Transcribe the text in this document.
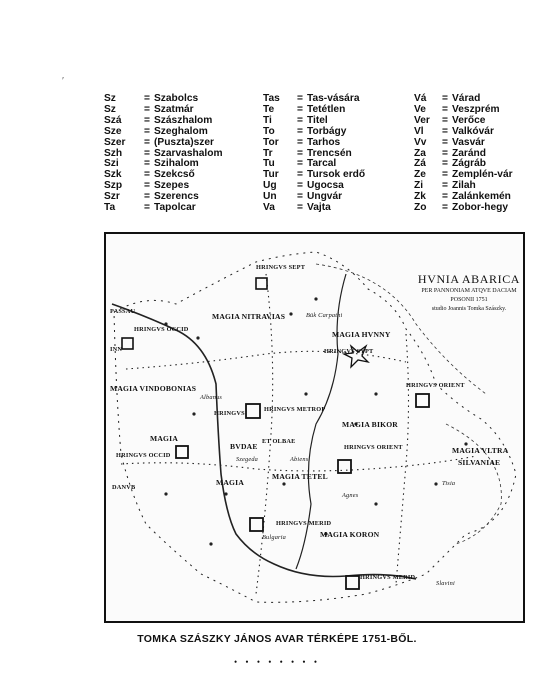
Sz	= Szabolcs
Sz	= Szatmár
Szá	= Szászhalom
Sze	= Szeghalom
Szer	= (Puszta)szer
Szh	= Szarvashalom
Szi	= Szihalom
Szk	= Szekcső
Szp	= Szepes
Szr	= Szerencs
Ta	= Tapolcar
Tas	= Tas-vására
Te	= Tetétlen
Ti	= Titel
To	= Torbágy
Tor	= Tarhos
Tr	= Trencsén
Tu	= Tarcal
Tur	= Tursok erdő
Ug	= Ugocsa
Un	= Ungvár
Va	= Vajta
Vá	= Várad
Ve	= Veszprém
Ver	= Verőce
Vl	= Valkóvár
Vv	= Vasvár
Za	= Zaránd
Zá	= Zágráb
Ze	= Zemplén-vár
Zi	= Zilah
Zk	= Zalánkemén
Zo	= Zobor-hegy
HRINGVS SEPT
PASSAU
HRINGVS OCCID
MAGIA NITRAVIAS	Bük Carpathi
MAGIA HVNNY
HRINGVS SYPT
MAGIA VINDOBONIAS
Albanus
HRINGVS ORIENT
HRINGVS
HRINGVS METROP
MAGIA BIKOR
MAGIA
BVDAE
ET OLBAE
MAGIA VLTRA
SILVANIAE
HRINGVS OCCID
HRINGVS ORIENT
Abiens
Szegeda
Tisia
MAGIA TETEL
Agnes
MAGIA
HRINGVS MERID
Bulgaria	MAGIA KORON
HRINGVS MERID
Slavini
INN
DANVB
HVNIA ABARICA
PER PANNONIAM ATQVE DACIAM
POSONII 1751
studio Joannis Tomka Szászky.
TOMKA SZÁSZKY JÁNOS AVAR TÉRKÉPE 1751-BŐL.
• • • • • • • •
′
